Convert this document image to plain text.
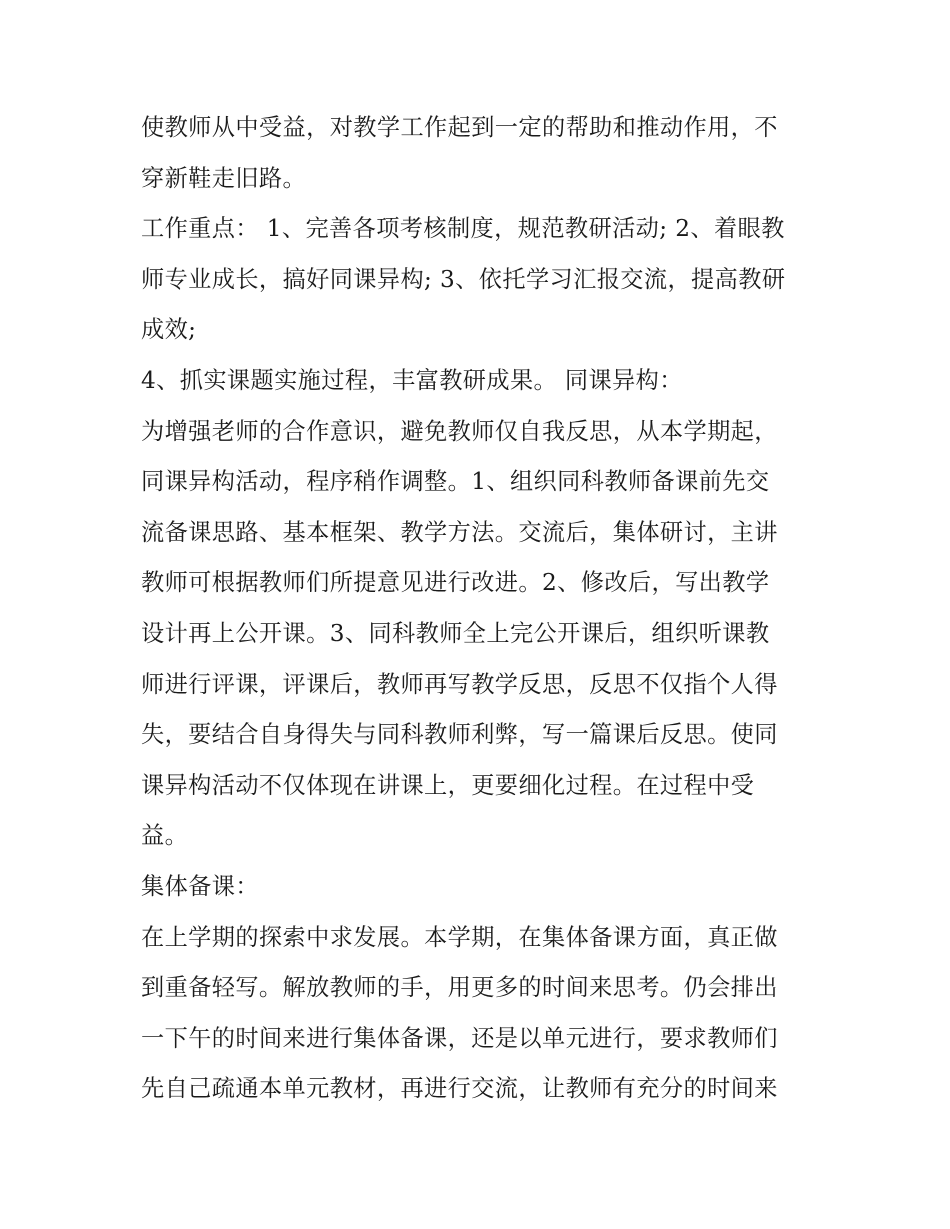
使教师从中受益，对教学工作起到一定的帮助和推动作用，不
穿新鞋走旧路。
工作重点： 1、完善各项考核制度，规范教研活动; 2、着眼教
师专业成长，搞好同课异构; 3、依托学习汇报交流，提高教研
成效;
4、抓实课题实施过程，丰富教研成果。 同课异构：
为增强老师的合作意识，避免教师仅自我反思，从本学期起，
同课异构活动，程序稍作调整。1、组织同科教师备课前先交
流备课思路、基本框架、教学方法。交流后，集体研讨，主讲
教师可根据教师们所提意见进行改进。2、修改后，写出教学
设计再上公开课。3、同科教师全上完公开课后，组织听课教
师进行评课，评课后，教师再写教学反思，反思不仅指个人得
失，要结合自身得失与同科教师利弊，写一篇课后反思。使同
课异构活动不仅体现在讲课上，更要细化过程。在过程中受
益。
集体备课：
在上学期的探索中求发展。本学期，在集体备课方面，真正做
到重备轻写。解放教师的手，用更多的时间来思考。仍会排出
一下午的时间来进行集体备课，还是以单元进行，要求教师们
先自己疏通本单元教材，再进行交流，让教师有充分的时间来
